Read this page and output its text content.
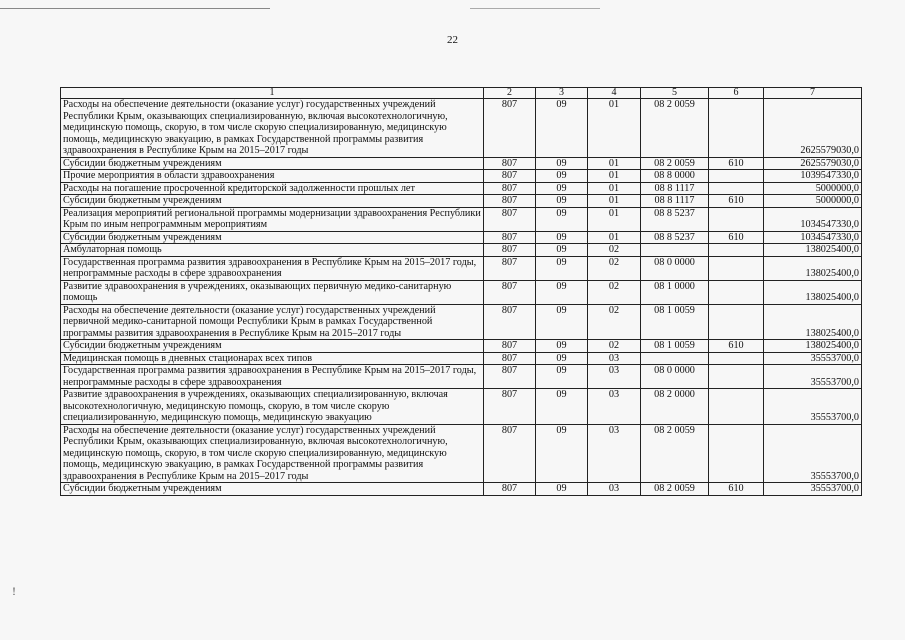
22
!
1	2	3	4	5	6	7
Расходы на обеспечение деятельности (оказание услуг) государственных учреждений Республики Крым, оказывающих специализированную, включая высокотехнологичную, медицинскую помощь, скорую, в том числе скорую специализированную, медицинскую помощь, медицинскую эвакуацию, в рамках Государственной программы развития здравоохранения в Республике Крым на 2015–2017 годы	807	09	01	08 2 0059		2625579030,0
Субсидии бюджетным учреждениям	807	09	01	08 2 0059	610	2625579030,0
Прочие мероприятия в области здравоохранения	807	09	01	08 8 0000		1039547330,0
Расходы на погашение просроченной кредиторской задолженности прошлых лет	807	09	01	08 8 1117		5000000,0
Субсидии бюджетным учреждениям	807	09	01	08 8 1117	610	5000000,0
Реализация мероприятий региональной программы модернизации здравоохранения Республики Крым по иным непрограммным мероприятиям	807	09	01	08 8 5237		1034547330,0
Субсидии бюджетным учреждениям	807	09	01	08 8 5237	610	1034547330,0
Амбулаторная помощь	807	09	02			138025400,0
Государственная программа развития здравоохранения в Республике Крым на 2015–2017 годы, непрограммные расходы в сфере здравоохранения	807	09	02	08 0 0000		138025400,0
Развитие здравоохранения в учреждениях, оказывающих первичную медико-санитарную помощь	807	09	02	08 1 0000		138025400,0
Расходы на обеспечение деятельности (оказание услуг) государственных учреждений первичной медико-санитарной помощи Республики Крым в рамках Государственной программы развития здравоохранения в Республике Крым на 2015–2017 годы	807	09	02	08 1 0059		138025400,0
Субсидии бюджетным учреждениям	807	09	02	08 1 0059	610	138025400,0
Медицинская помощь в дневных стационарах всех типов	807	09	03			35553700,0
Государственная программа развития здравоохранения в Республике Крым на 2015–2017 годы, непрограммные расходы в сфере здравоохранения	807	09	03	08 0 0000		35553700,0
Развитие здравоохранения в учреждениях, оказывающих специализированную, включая высокотехнологичную, медицинскую помощь, скорую, в том числе скорую специализированную, медицинскую помощь, медицинскую эвакуацию	807	09	03	08 2 0000		35553700,0
Расходы на обеспечение деятельности (оказание услуг) государственных учреждений Республики Крым, оказывающих специализированную, включая высокотехнологичную, медицинскую помощь, скорую, в том числе скорую специализированную, медицинскую помощь, медицинскую эвакуацию, в рамках Государственной программы развития здравоохранения в Республике Крым на 2015–2017 годы	807	09	03	08 2 0059		35553700,0
Субсидии бюджетным учреждениям	807	09	03	08 2 0059	610	35553700,0
